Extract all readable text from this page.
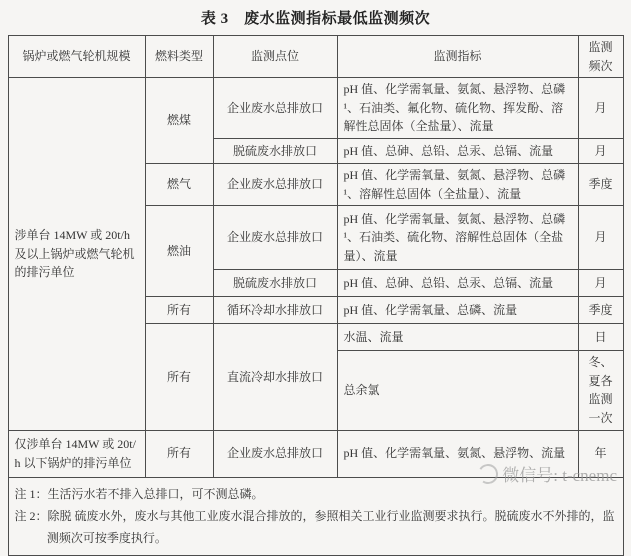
表 3　废水监测指标最低监测频次
锅炉或燃气轮机规模	燃料类型	监测点位	监测指标	监测频次
涉单台 14MW 或 20t/h 及以上锅炉或燃气轮机的排污单位	燃煤	企业废水总排放口	pH 值、化学需氧量、氨氮、悬浮物、总磷¹、石油类、氟化物、硫化物、挥发酚、溶解性总固体（全盐量）、流量	月
		脱硫废水排放口	pH 值、总砷、总铅、总汞、总镉、流量	月
	燃气	企业废水总排放口	pH 值、化学需氧量、氨氮、悬浮物、总磷¹、溶解性总固体（全盐量）、流量	季度
	燃油	企业废水总排放口	pH 值、化学需氧量、氨氮、悬浮物、总磷¹、石油类、硫化物、溶解性总固体（全盐量）、流量	月
		脱硫废水排放口	pH 值、总砷、总铅、总汞、总镉、流量	月
	所有	循环冷却水排放口	pH 值、化学需氧量、总磷、流量	季度
	所有	直流冷却水排放口	水温、流量	日
			总余氯	冬、夏各监测一次
仅涉单台 14MW 或 20t/h 以下锅炉的排污单位	所有	企业废水总排放口	pH 值、化学需氧量、氨氮、悬浮物、流量	年

注 1：生活污水若不排入总排口，可不测总磷。
注 2：除脱 硫废水外，废水与其他工业废水混合排放的，参照相关工业行业监测要求执行。脱硫废水不外排的，监测频次可按季度执行。				
微信号: t-cnemc
